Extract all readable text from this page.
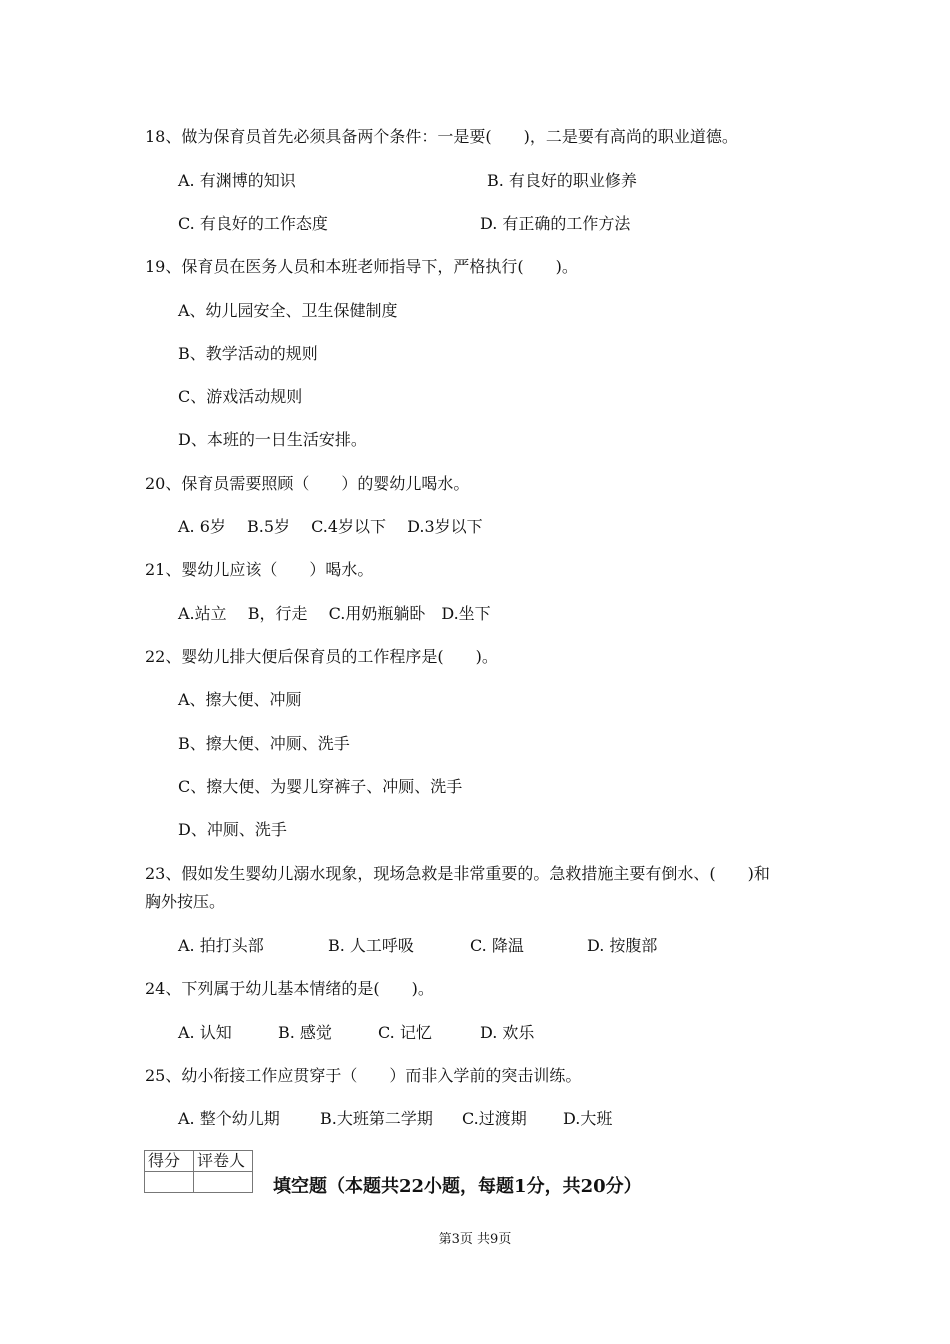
18、做为保育员首先必须具备两个条件：一是要(　　)，二是要有高尚的职业道德。
A. 有渊博的知识	B. 有良好的职业修养
C. 有良好的工作态度	D. 有正确的工作方法
19、保育员在医务人员和本班老师指导下，严格执行(　　)。
A、幼儿园安全、卫生保健制度
B、教学活动的规则
C、游戏活动规则
D、本班的一日生活安排。
20、保育员需要照顾（　　）的婴幼儿喝水。
A. 6岁　 B.5岁　 C.4岁以下　 D.3岁以下
21、婴幼儿应该（　　）喝水。
A.站立　 B，行走　 C.用奶瓶躺卧　D.坐下
22、婴幼儿排大便后保育员的工作程序是(　　)。
A、擦大便、冲厕
B、擦大便、冲厕、洗手
C、擦大便、为婴儿穿裤子、冲厕、洗手
D、冲厕、洗手
23、假如发生婴幼儿溺水现象，现场急救是非常重要的。急救措施主要有倒水、(　　)和
胸外按压。
A. 拍打头部	B. 人工呼吸	C. 降温	D. 按腹部
24、下列属于幼儿基本情绪的是(　　)。
A. 认知	B. 感觉	C. 记忆	D. 欢乐
25、幼小衔接工作应贯穿于（　　）而非入学前的突击训练。
A. 整个幼儿期	B.大班第二学期 C.过渡期 D.大班
得分	评卷人

填空题（本题共22小题，每题1分，共20分）
第3页 共9页
